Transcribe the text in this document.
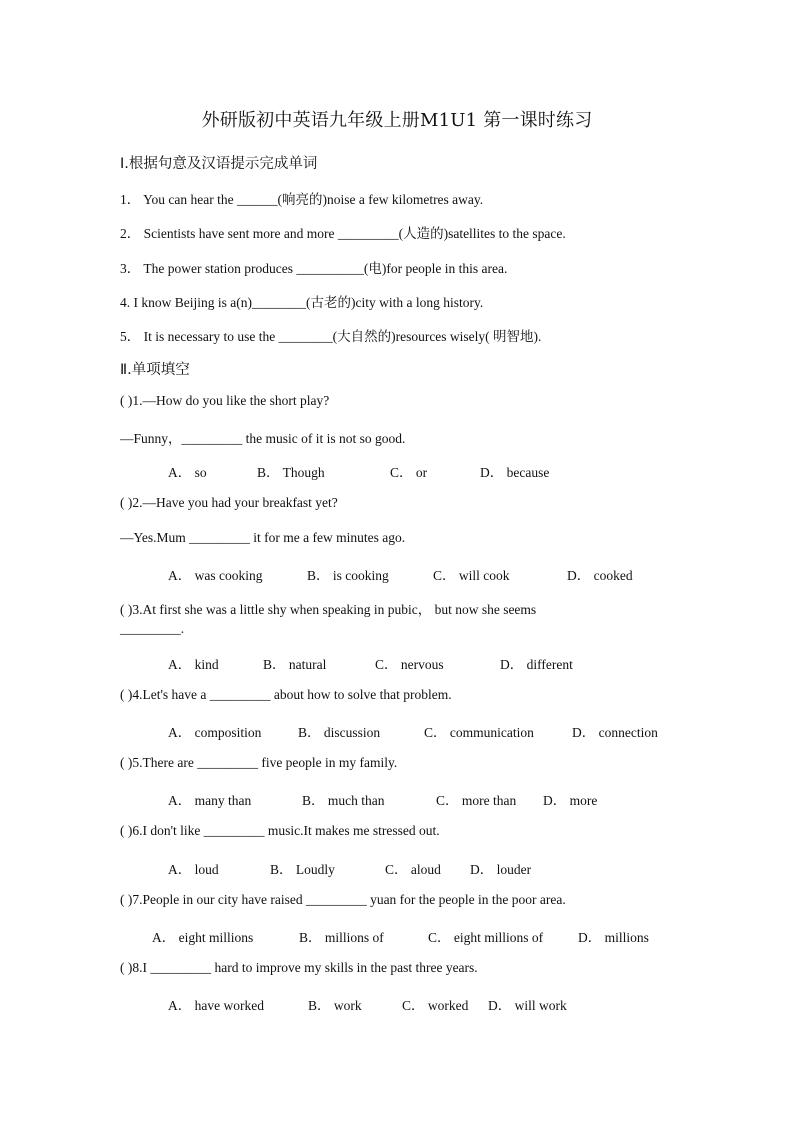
外研版初中英语九年级上册M1U1 第一课时练习
Ⅰ.根据句意及汉语提示完成单词
1． You can hear the ______(响亮的)noise a few kilometres away.
2． Scientists have sent more and more _________(人造的)satellites to the space.
3． The power station produces __________(电)for people in this area.
4. I know Beijing is a(n)________(古老的)city with a long history.
5． It is necessary to use the ________(大自然的)resources wisely( 明智地).
Ⅱ.单项填空
( )1.—How do you like the short play?
—Funny，_________ the music of it is not so good.
A． so	B． Though	C． or	D． because
( )2.—Have you had your breakfast yet?
—Yes.Mum _________ it for me a few minutes ago.
A． was cooking	B． is cooking	C． will cook	D． cooked
( )3.At first she was a little shy when speaking in pubic， but now she seems
_________.
A． kind	B． natural	C． nervous	D． different
( )4.Let's have a _________ about how to solve that problem.
A． composition	B． discussion	C． communication	D． connection
( )5.There are _________ five people in my family.
A． many than	B． much than	C． more than D． more
( )6.I don't like _________ music.It makes me stressed out.
A． loud	B． Loudly	C． aloud D． louder
( )7.People in our city have raised _________ yuan for the people in the poor area.
A． eight millions	B． millions of	C． eight millions of	D． millions
( )8.I _________ hard to improve my skills in the past three years.
A． have worked	B． work	C． worked D． will work
